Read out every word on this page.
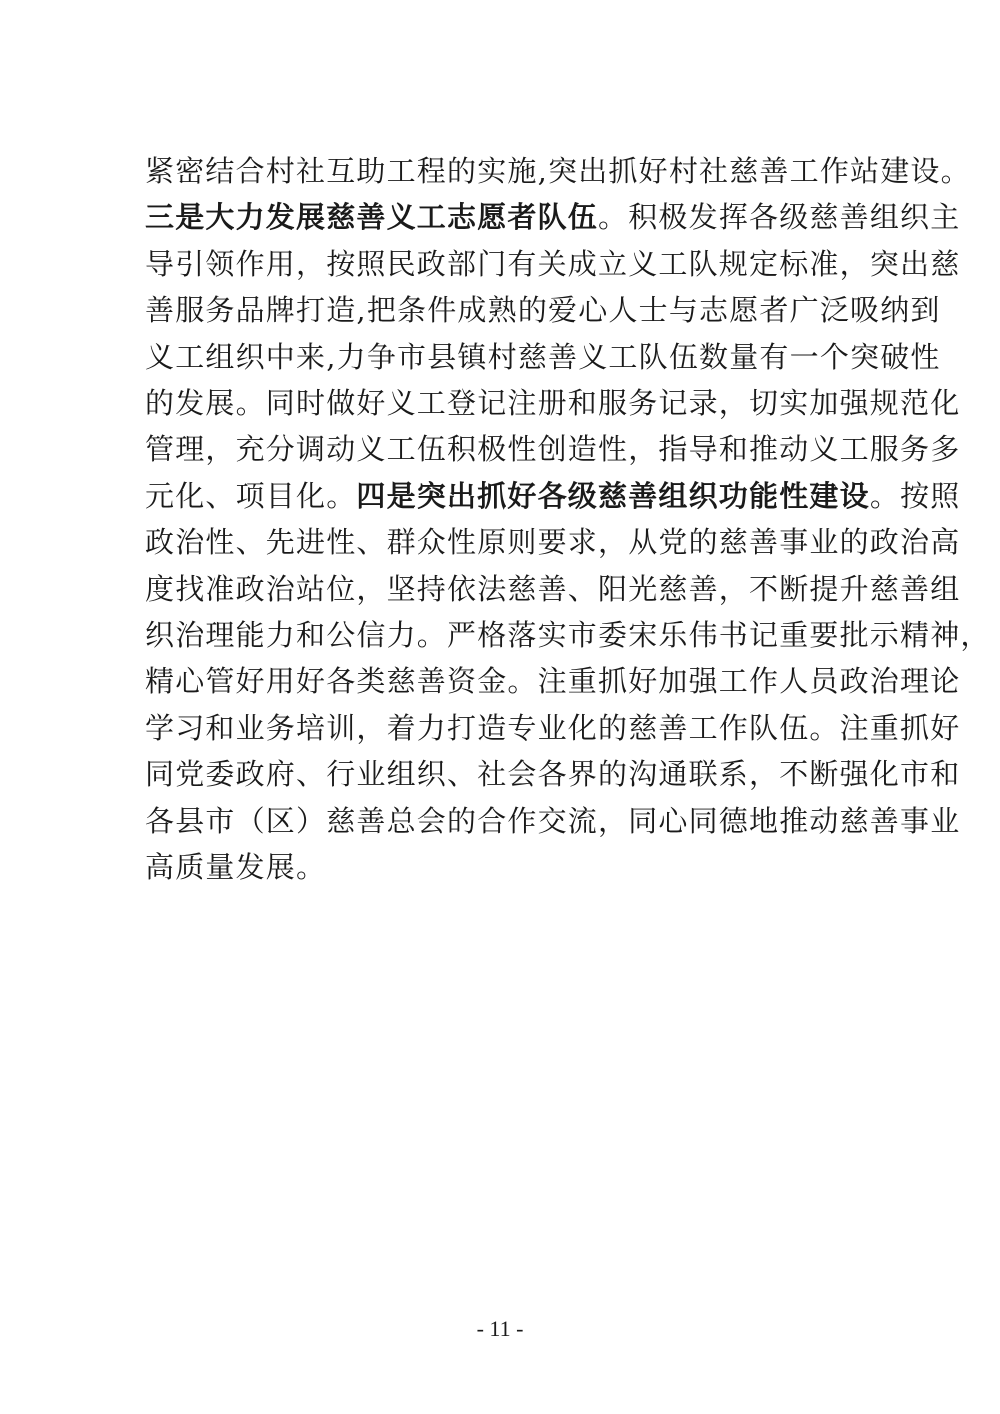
紧密结合村社互助工程的实施,突出抓好村社慈善工作站建设。
三是大力发展慈善义工志愿者队伍。积极发挥各级慈善组织主
导引领作用，按照民政部门有关成立义工队规定标准，突出慈
善服务品牌打造,把条件成熟的爱心人士与志愿者广泛吸纳到
义工组织中来,力争市县镇村慈善义工队伍数量有一个突破性
的发展。同时做好义工登记注册和服务记录，切实加强规范化
管理，充分调动义工伍积极性创造性，指导和推动义工服务多
元化、项目化。四是突出抓好各级慈善组织功能性建设。按照
政治性、先进性、群众性原则要求，从党的慈善事业的政治高
度找准政治站位，坚持依法慈善、阳光慈善，不断提升慈善组
织治理能力和公信力。严格落实市委宋乐伟书记重要批示精神，
精心管好用好各类慈善资金。注重抓好加强工作人员政治理论
学习和业务培训，着力打造专业化的慈善工作队伍。注重抓好
同党委政府、行业组织、社会各界的沟通联系，不断强化市和
各县市（区）慈善总会的合作交流，同心同德地推动慈善事业
高质量发展。
- 11 -
